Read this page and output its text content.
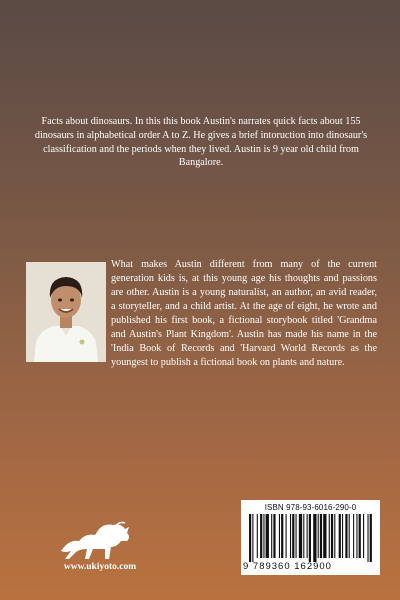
Facts about dinosaurs. In this this book Austin's narrates quick facts about 155 dinosaurs in alphabetical order A to Z. He gives a brief intoruction into dinosaur's classification and the periods when they lived. Austin is 9 year old child from Bangalore.

What makes Austin different from many of the current generation kids is, at this young age his thoughts and passions are other. Austin is a young naturalist, an author, an avid reader, a storyteller, and a child artist. At the age of eight, he wrote and published his first book, a fictional storybook titled 'Grandma and Austin's Plant Kingdom'. Austin has made his name in the 'India Book of Records and 'Harvard World Records as the youngest to publish a fictional book on plants and nature.

ISBN 978-93-6016-290-0
9 789360 162900
www.ukiyoto.com
